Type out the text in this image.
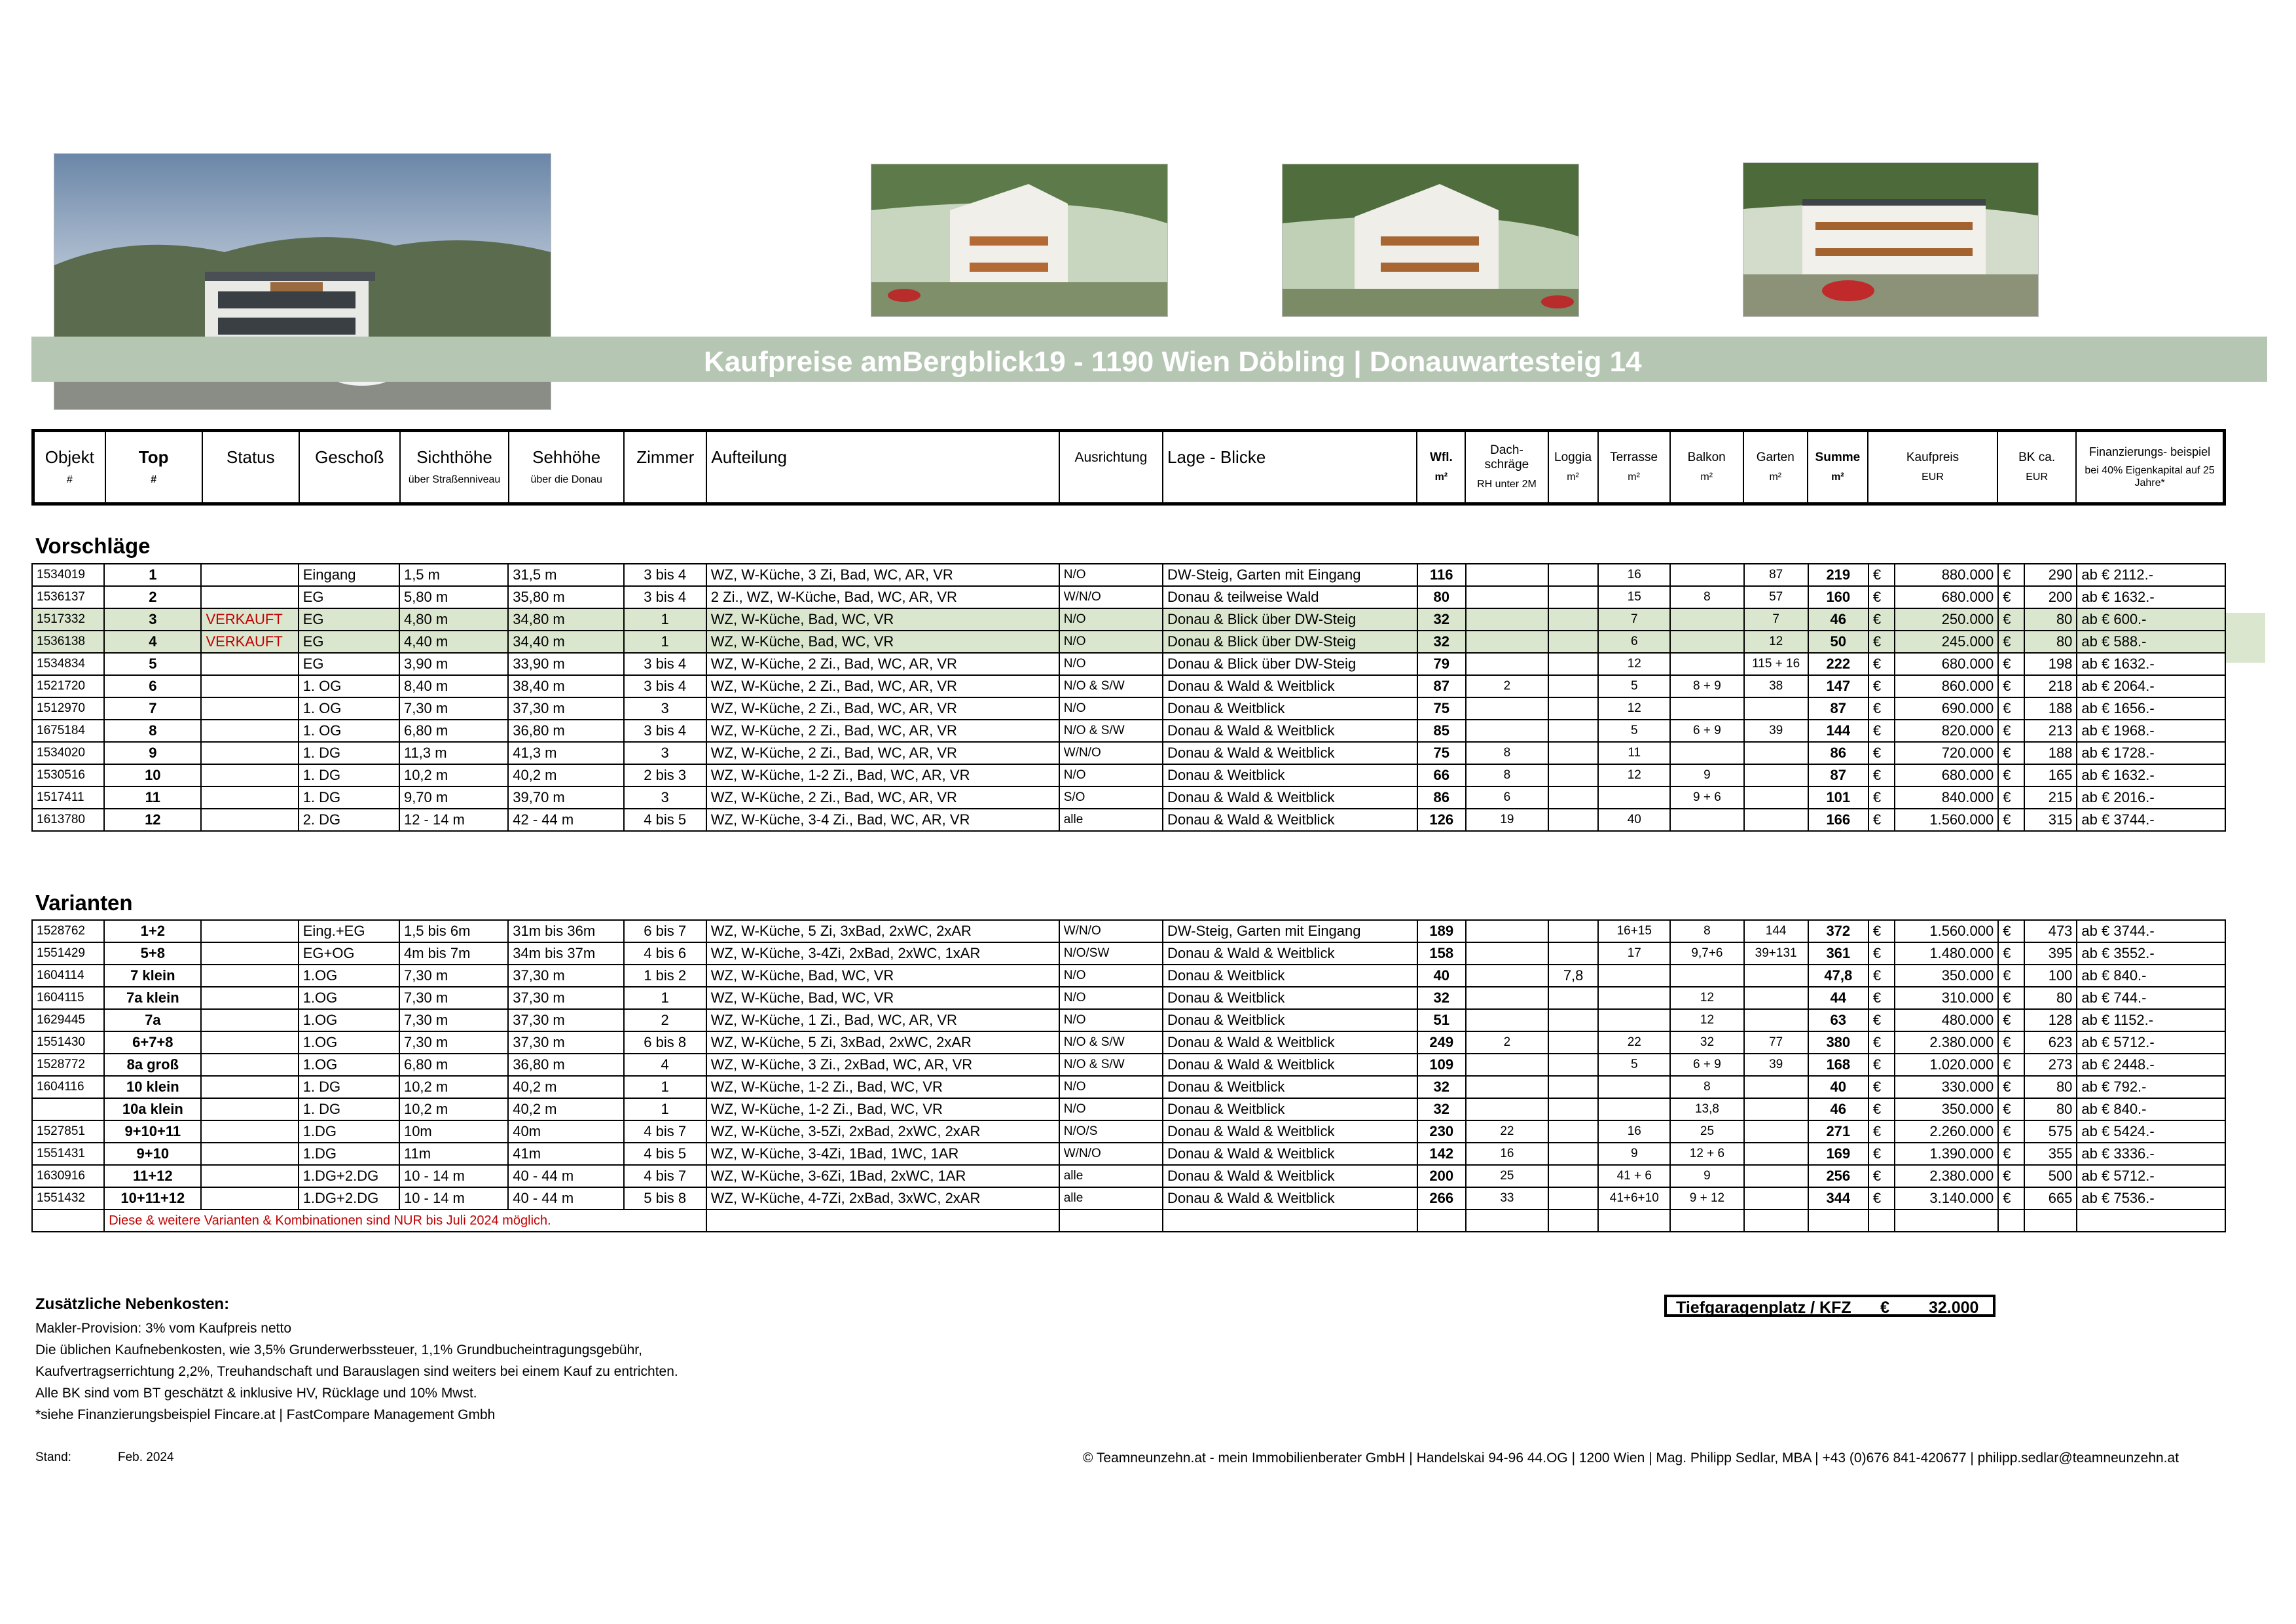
Kaufpreise amBergblick19 - 1190 Wien Döbling | Donauwartesteig 14
Objekt
#
	Top
#
	Status	Geschoß	Sichthöhe
über Straßenniveau
	Sehhöhe
über die Donau
	Zimmer	Aufteilung	Ausrichtung	Lage - Blicke	Wfl.
m²
	Dach- schräge
RH unter 2M
	Loggia
m²
	Terrasse
m²
	Balkon
m²
	Garten
m²
	Summe
m²
	Kaufpreis
EUR
	BK ca.
EUR
	Finanzierungs- beispiel
bei 40% Eigenkapital auf 25 Jahre*
Vorschläge
1534019	1		Eingang	1,5 m	31,5 m	3 bis 4	WZ, W-Küche, 3 Zi, Bad, WC, AR, VR	N/O	DW-Steig, Garten mit Eingang	116			16		87	219	€	880.000	€	290	ab € 2112.-
1536137	2		EG	5,80 m	35,80 m	3 bis 4	2 Zi., WZ, W-Küche, Bad, WC, AR, VR	W/N/O	Donau & teilweise Wald	80			15	8	57	160	€	680.000	€	200	ab € 1632.-
1517332	3	VERKAUFT	EG	4,80 m	34,80 m	1	WZ, W-Küche, Bad, WC, VR	N/O	Donau & Blick über DW-Steig	32			7		7	46	€	250.000	€	80	ab € 600.-
1536138	4	VERKAUFT	EG	4,40 m	34,40 m	1	WZ, W-Küche, Bad, WC, VR	N/O	Donau & Blick über DW-Steig	32			6		12	50	€	245.000	€	80	ab € 588.-
1534834	5		EG	3,90 m	33,90 m	3 bis 4	WZ, W-Küche, 2 Zi., Bad, WC, AR, VR	N/O	Donau & Blick über DW-Steig	79			12		115 + 16	222	€	680.000	€	198	ab € 1632.-
1521720	6		1. OG	8,40 m	38,40 m	3 bis 4	WZ, W-Küche, 2 Zi., Bad, WC, AR, VR	N/O & S/W	Donau & Wald & Weitblick	87	2		5	8 + 9	38	147	€	860.000	€	218	ab € 2064.-
1512970	7		1. OG	7,30 m	37,30 m	3	WZ, W-Küche, 2 Zi., Bad, WC, AR, VR	N/O	Donau & Weitblick	75			12			87	€	690.000	€	188	ab € 1656.-
1675184	8		1. OG	6,80 m	36,80 m	3 bis 4	WZ, W-Küche, 2 Zi., Bad, WC, AR, VR	N/O & S/W	Donau & Wald & Weitblick	85			5	6 + 9	39	144	€	820.000	€	213	ab € 1968.-
1534020	9		1. DG	11,3 m	41,3 m	3	WZ, W-Küche, 2 Zi., Bad, WC, AR, VR	W/N/O	Donau & Wald & Weitblick	75	8		11			86	€	720.000	€	188	ab € 1728.-
1530516	10		1. DG	10,2 m	40,2 m	2 bis 3	WZ, W-Küche, 1-2 Zi., Bad, WC, AR, VR	N/O	Donau & Weitblick	66	8		12	9		87	€	680.000	€	165	ab € 1632.-
1517411	11		1. DG	9,70 m	39,70 m	3	WZ, W-Küche, 2 Zi., Bad, WC, AR, VR	S/O	Donau & Wald & Weitblick	86	6			9 + 6		101	€	840.000	€	215	ab € 2016.-
1613780	12		2. DG	12 - 14 m	42 - 44 m	4 bis 5	WZ, W-Küche, 3-4 Zi., Bad, WC, AR, VR	alle	Donau & Wald & Weitblick	126	19		40			166	€	1.560.000	€	315	ab € 3744.-
Varianten
1528762	1+2		Eing.+EG	1,5 bis 6m	31m bis 36m	6 bis 7	WZ, W-Küche, 5 Zi, 3xBad, 2xWC, 2xAR	W/N/O	DW-Steig, Garten mit Eingang	189			16+15	8	144	372	€	1.560.000	€	473	ab € 3744.-
1551429	5+8		EG+OG	4m bis 7m	34m bis 37m	4 bis 6	WZ, W-Küche, 3-4Zi, 2xBad, 2xWC, 1xAR	N/O/SW	Donau & Wald & Weitblick	158			17	9,7+6	39+131	361	€	1.480.000	€	395	ab € 3552.-
1604114	7 klein		1.OG	7,30 m	37,30 m	1 bis 2	WZ, W-Küche, Bad, WC, VR	N/O	Donau & Weitblick	40		7,8				47,8	€	350.000	€	100	ab € 840.-
1604115	7a klein		1.OG	7,30 m	37,30 m	1	WZ, W-Küche, Bad, WC, VR	N/O	Donau & Weitblick	32				12		44	€	310.000	€	80	ab € 744.-
1629445	7a		1.OG	7,30 m	37,30 m	2	WZ, W-Küche, 1 Zi., Bad, WC, AR, VR	N/O	Donau & Weitblick	51				12		63	€	480.000	€	128	ab € 1152.-
1551430	6+7+8		1.OG	7,30 m	37,30 m	6 bis 8	WZ, W-Küche, 5 Zi, 3xBad, 2xWC, 2xAR	N/O & S/W	Donau & Wald & Weitblick	249	2		22	32	77	380	€	2.380.000	€	623	ab € 5712.-
1528772	8a groß		1.OG	6,80 m	36,80 m	4	WZ, W-Küche, 3 Zi., 2xBad, WC, AR, VR	N/O & S/W	Donau & Wald & Weitblick	109			5	6 + 9	39	168	€	1.020.000	€	273	ab € 2448.-
1604116	10 klein		1. DG	10,2 m	40,2 m	1	WZ, W-Küche, 1-2 Zi., Bad, WC, VR	N/O	Donau & Weitblick	32				8		40	€	330.000	€	80	ab € 792.-
	10a klein		1. DG	10,2 m	40,2 m	1	WZ, W-Küche, 1-2 Zi., Bad, WC, VR	N/O	Donau & Weitblick	32				13,8		46	€	350.000	€	80	ab € 840.-
1527851	9+10+11		1.DG	10m	40m	4 bis 7	WZ, W-Küche, 3-5Zi, 2xBad, 2xWC, 2xAR	N/O/S	Donau & Wald & Weitblick	230	22		16	25		271	€	2.260.000	€	575	ab € 5424.-
1551431	9+10		1.DG	11m	41m	4 bis 5	WZ, W-Küche, 3-4Zi, 1Bad, 1WC, 1AR	W/N/O	Donau & Wald & Weitblick	142	16		9	12 + 6		169	€	1.390.000	€	355	ab € 3336.-
1630916	11+12		1.DG+2.DG	10 - 14 m	40 - 44 m	4 bis 7	WZ, W-Küche, 3-6Zi, 1Bad, 2xWC, 1AR	alle	Donau & Wald & Weitblick	200	25		41 + 6	9		256	€	2.380.000	€	500	ab € 5712.-
1551432	10+11+12		1.DG+2.DG	10 - 14 m	40 - 44 m	5 bis 8	WZ, W-Küche, 4-7Zi, 2xBad, 3xWC, 2xAR	alle	Donau & Wald & Weitblick	266	33		41+6+10	9 + 12		344	€	3.140.000	€	665	ab € 7536.-
	Diese & weitere Varianten & Kombinationen sind NUR bis Juli 2024 möglich.																				
Zusätzliche Nebenkosten:
Makler-Provision: 3% vom Kaufpreis netto
Die üblichen Kaufnebenkosten, wie 3,5% Grunderwerbssteuer, 1,1% Grundbucheintragungsgebühr,
Kaufvertragserrichtung 2,2%, Treuhandschaft und Barauslagen sind weiters bei einem Kauf zu entrichten.
Alle BK sind vom BT geschätzt & inklusive HV, Rücklage und 10% Mwst.
*siehe Finanzierungsbeispiel Fincare.at | FastCompare Management Gmbh
Tiefgaragenplatz / KFZ € 32.000
Stand:	Feb. 2024	© Teamneunzehn.at - mein Immobilienberater GmbH | Handelskai 94-96 44.OG | 1200 Wien | Mag. Philipp Sedlar, MBA | +43 (0)676 841-420677 | philipp.sedlar@teamneunzehn.at
